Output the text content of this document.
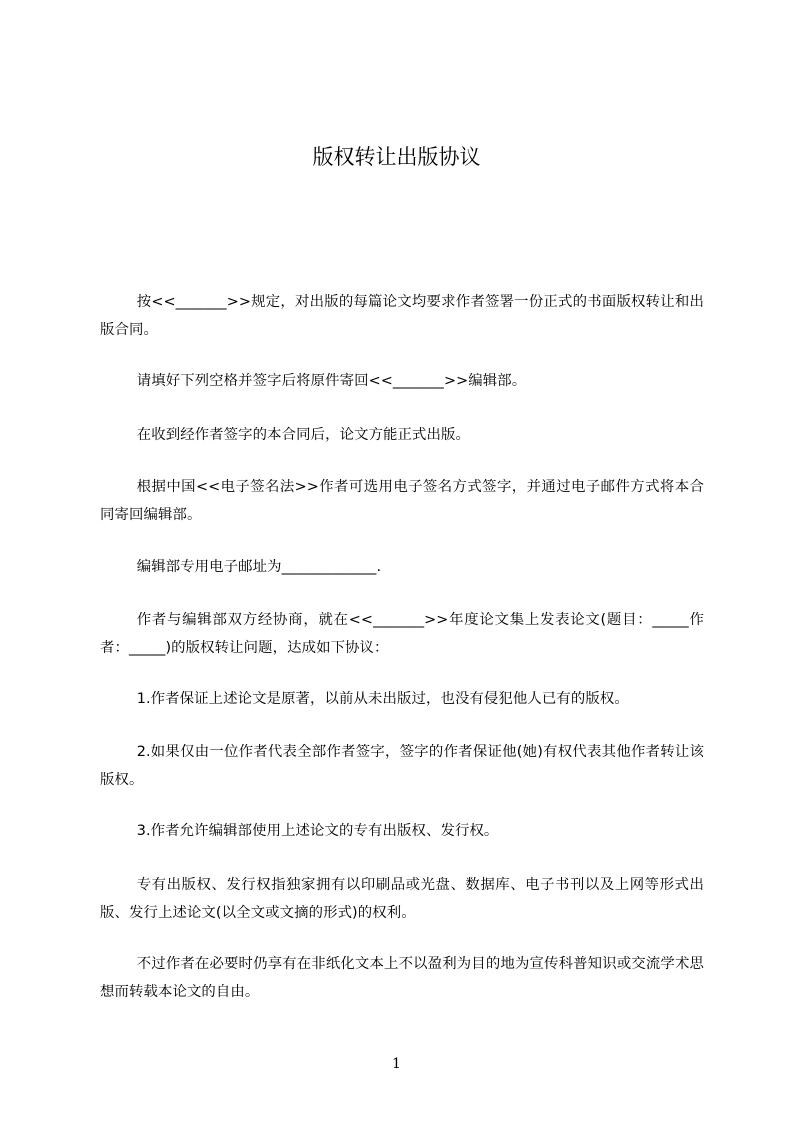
版权转让出版协议

按<<_______>>规定，对出版的每篇论文均要求作者签署一份正式的书面版权转让和出版合同。

请填好下列空格并签字后将原件寄回<<_______>>编辑部。

在收到经作者签字的本合同后，论文方能正式出版。

根据中国<<电子签名法>>作者可选用电子签名方式签字，并通过电子邮件方式将本合同寄回编辑部。

编辑部专用电子邮址为_____________.

作者与编辑部双方经协商，就在<<_______>>年度论文集上发表论文(题目：_____作者：_____)的版权转让问题，达成如下协议：

1.作者保证上述论文是原著，以前从未出版过，也没有侵犯他人已有的版权。

2.如果仅由一位作者代表全部作者签字，签字的作者保证他(她)有权代表其他作者转让该版权。

3.作者允许编辑部使用上述论文的专有出版权、发行权。

专有出版权、发行权指独家拥有以印刷品或光盘、数据库、电子书刊以及上网等形式出版、发行上述论文(以全文或文摘的形式)的权利。

不过作者在必要时仍享有在非纸化文本上不以盈利为目的地为宣传科普知识或交流学术思想而转载本论文的自由。

1
